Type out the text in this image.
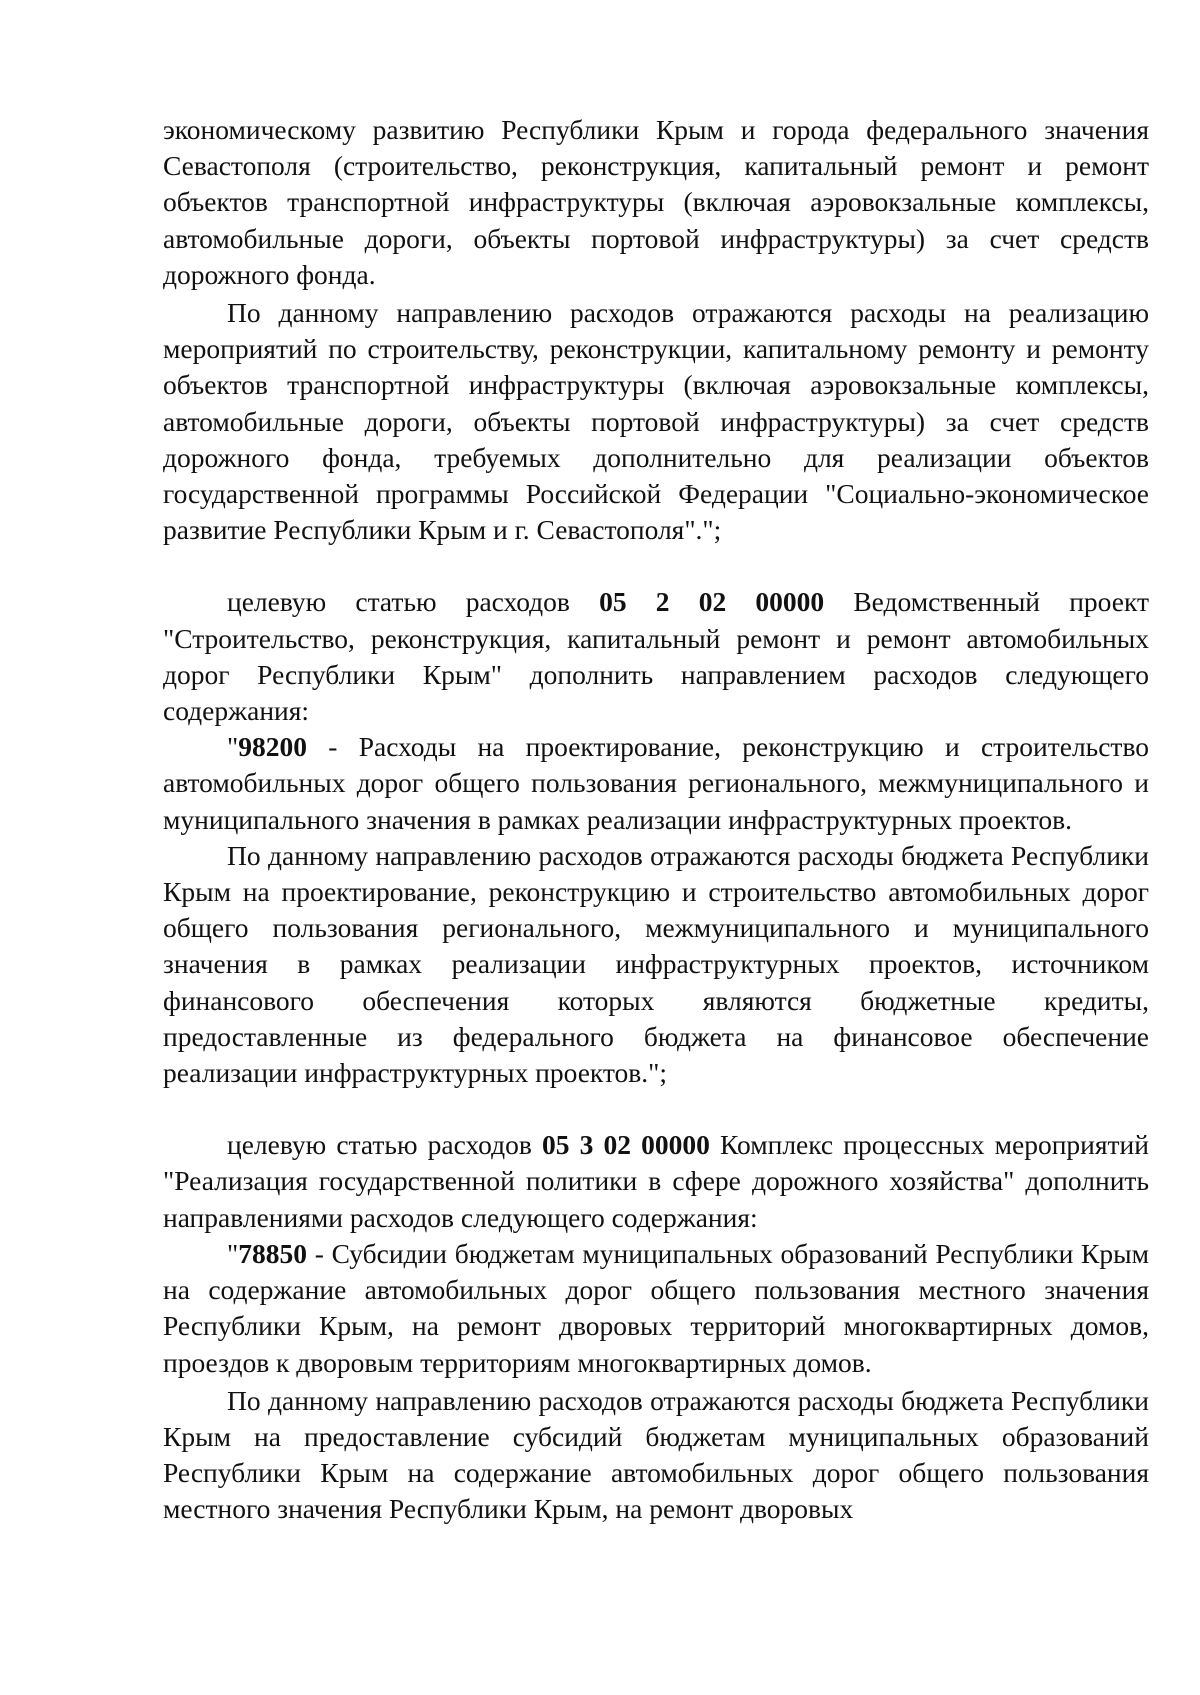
экономическому развитию Республики Крым и города федерального значения Севастополя (строительство, реконструкция, капитальный ремонт и ремонт объектов транспортной инфраструктуры (включая аэровокзальные комплексы, автомобильные дороги, объекты портовой инфраструктуры) за счет средств дорожного фонда.

По данному направлению расходов отражаются расходы на реализацию мероприятий по строительству, реконструкции, капитальному ремонту и ремонту объектов транспортной инфраструктуры (включая аэровокзальные комплексы, автомобильные дороги, объекты портовой инфраструктуры) за счет средств дорожного фонда, требуемых дополнительно для реализации объектов государственной программы Российской Федерации "Социально-экономическое развитие Республики Крым и г. Севастополя".";

целевую статью расходов 05 2 02 00000 Ведомственный проект "Строительство, реконструкция, капитальный ремонт и ремонт автомобильных дорог Республики Крым" дополнить направлением расходов следующего содержания:

"98200 - Расходы на проектирование, реконструкцию и строительство автомобильных дорог общего пользования регионального, межмуниципального и муниципального значения в рамках реализации инфраструктурных проектов.

По данному направлению расходов отражаются расходы бюджета Республики Крым на проектирование, реконструкцию и строительство автомобильных дорог общего пользования регионального, межмуниципального и муниципального значения в рамках реализации инфраструктурных проектов, источником финансового обеспечения которых являются бюджетные кредиты, предоставленные из федерального бюджета на финансовое обеспечение реализации инфраструктурных проектов.";

целевую статью расходов 05 3 02 00000 Комплекс процессных мероприятий "Реализация государственной политики в сфере дорожного хозяйства" дополнить направлениями расходов следующего содержания:

"78850 - Субсидии бюджетам муниципальных образований Республики Крым на содержание автомобильных дорог общего пользования местного значения Республики Крым, на ремонт дворовых территорий многоквартирных домов, проездов к дворовым территориям многоквартирных домов.

По данному направлению расходов отражаются расходы бюджета Республики Крым на предоставление субсидий бюджетам муниципальных образований Республики Крым на содержание автомобильных дорог общего пользования местного значения Республики Крым, на ремонт дворовых
